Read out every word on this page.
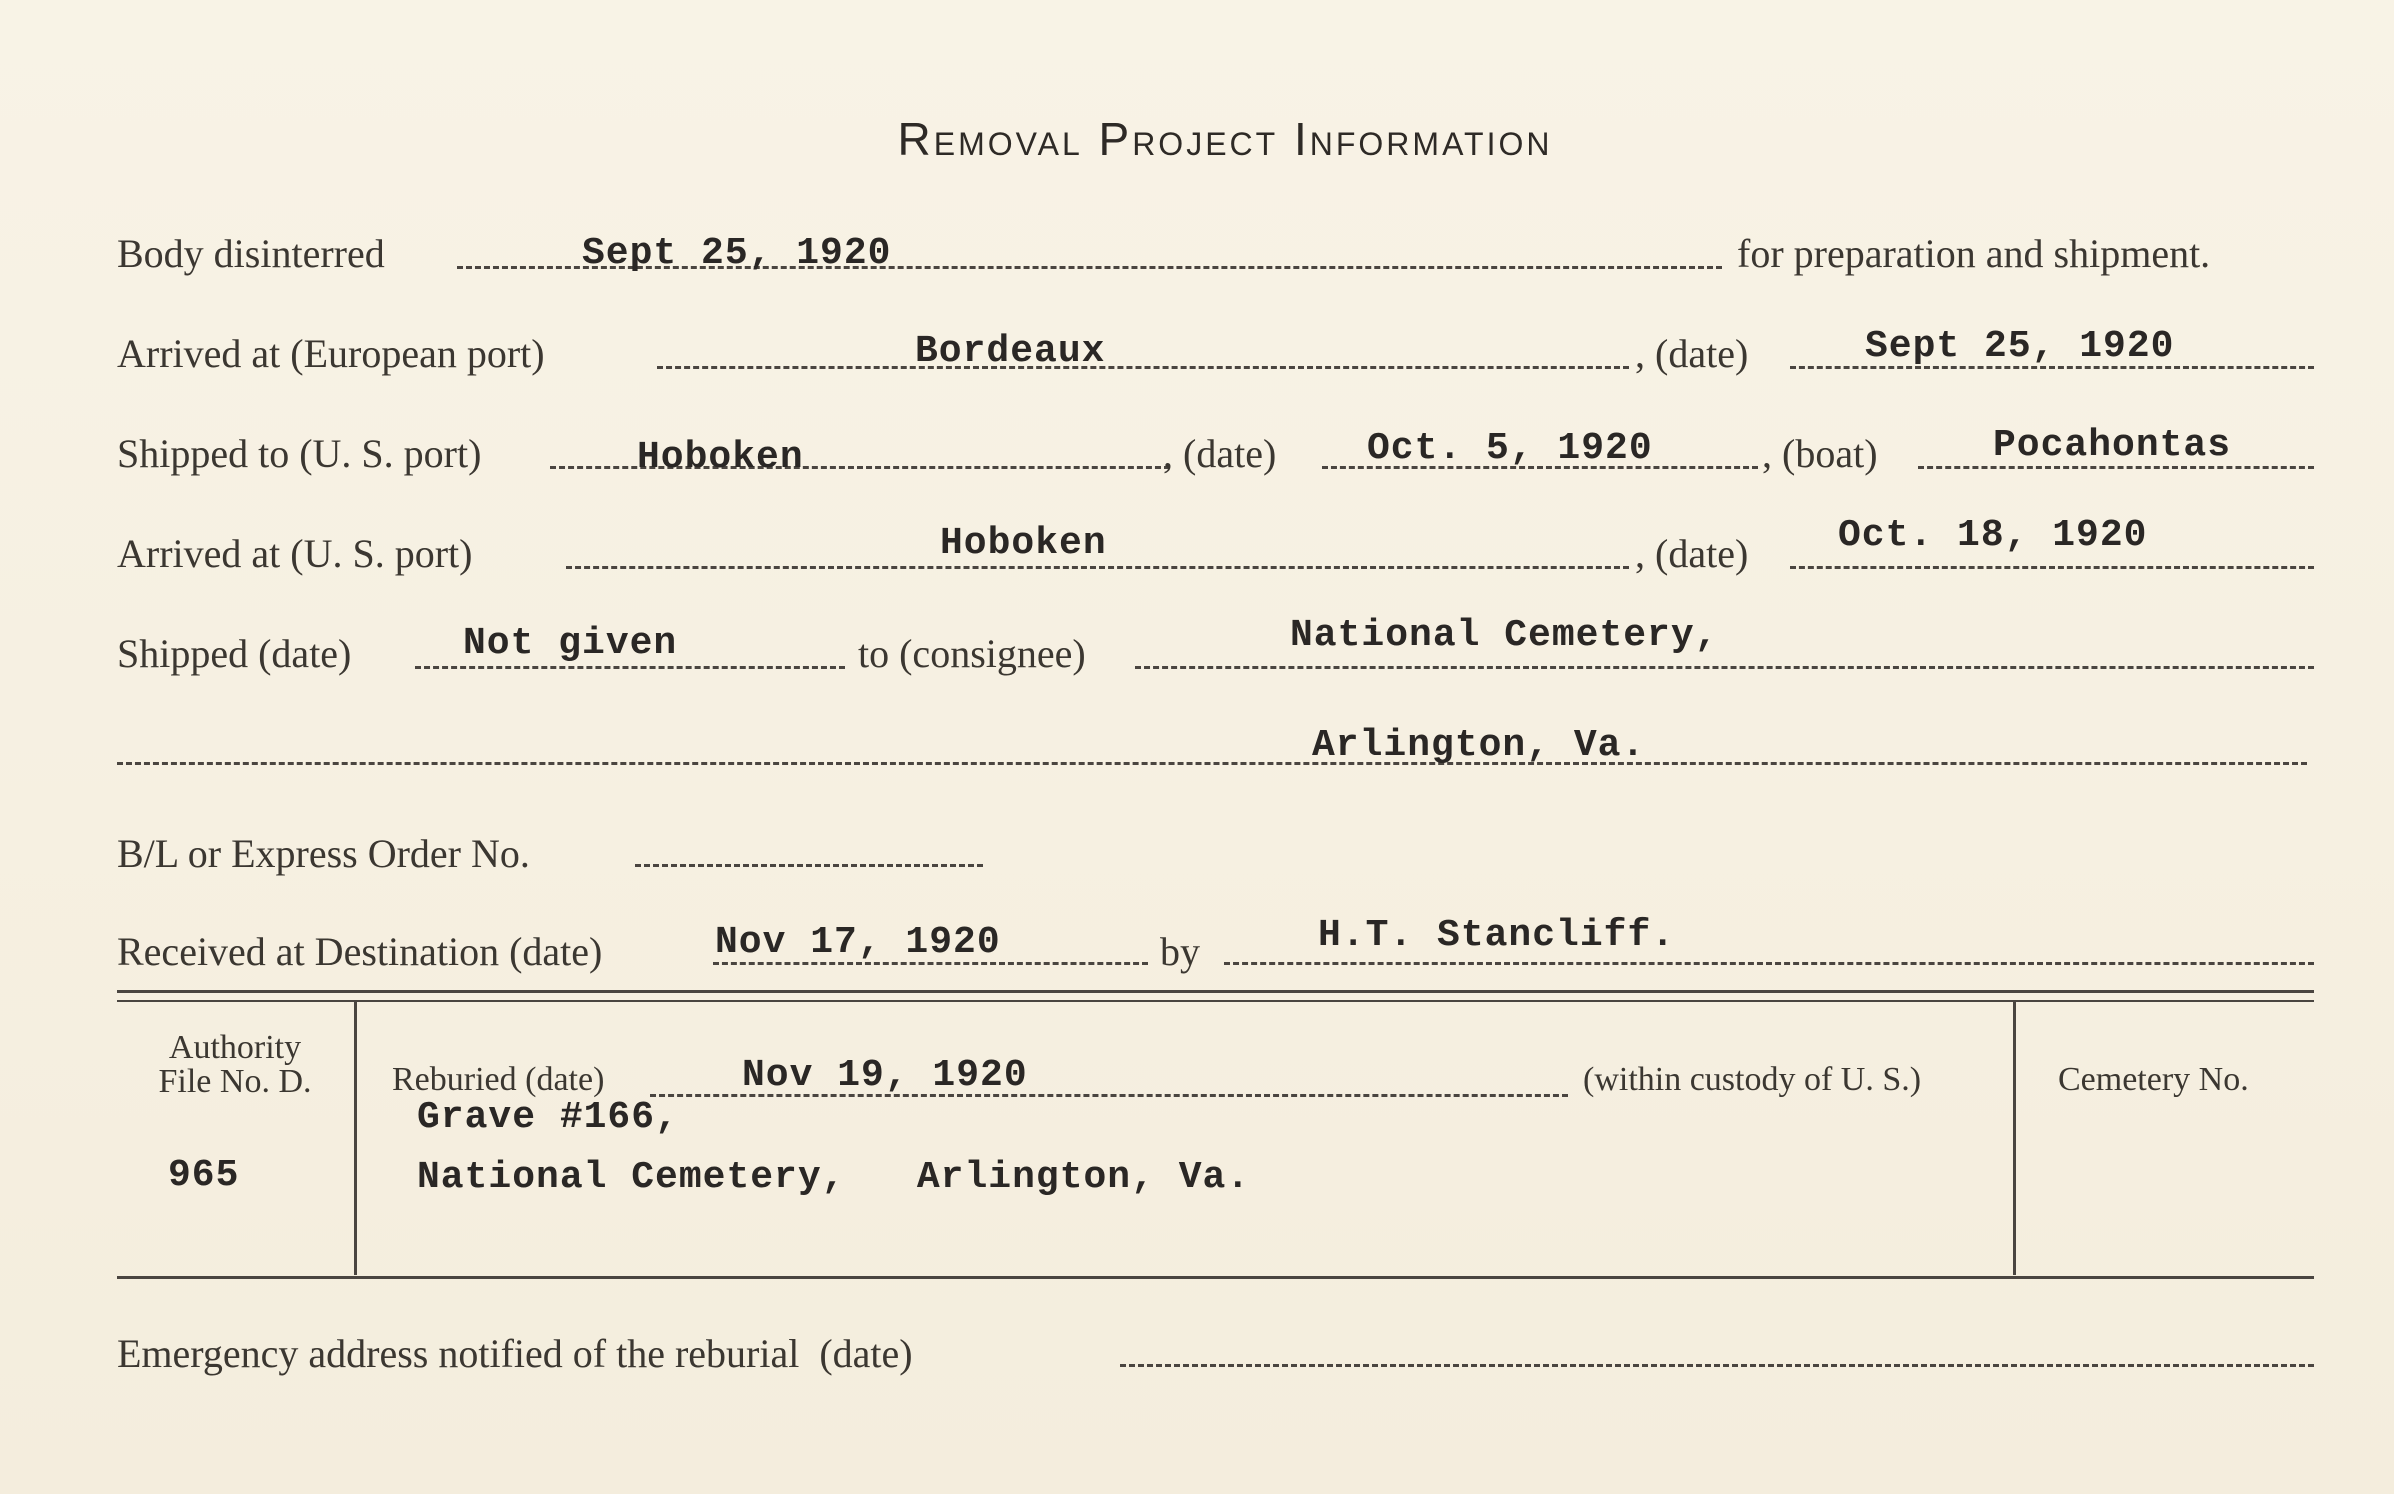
Removal Project Information
Body disinterred	Sept 25, 1920	for preparation and shipment.
Arrived at (European port)	Bordeaux	, (date)	Sept 25, 1920
Shipped to (U. S. port)	Hoboken	, (date) Oct. 5, 1920	, (boat)	Pocahontas
Arrived at (U. S. port)	Hoboken	, (date) Oct. 18, 1920
Shipped (date)	Not given	to (consignee)	National Cemetery,
Arlington, Va.
B/L or Express Order No.
Received at Destination (date)	Nov 17, 1920	by	H.T. Stancliff.
Authority
File No. D.
965
Reburied (date)	Nov 19, 1920	(within custody of U. S.)
Grave #166,
National Cemetery,   Arlington, Va.
Cemetery No.
Emergency address notified of the reburial  (date)
